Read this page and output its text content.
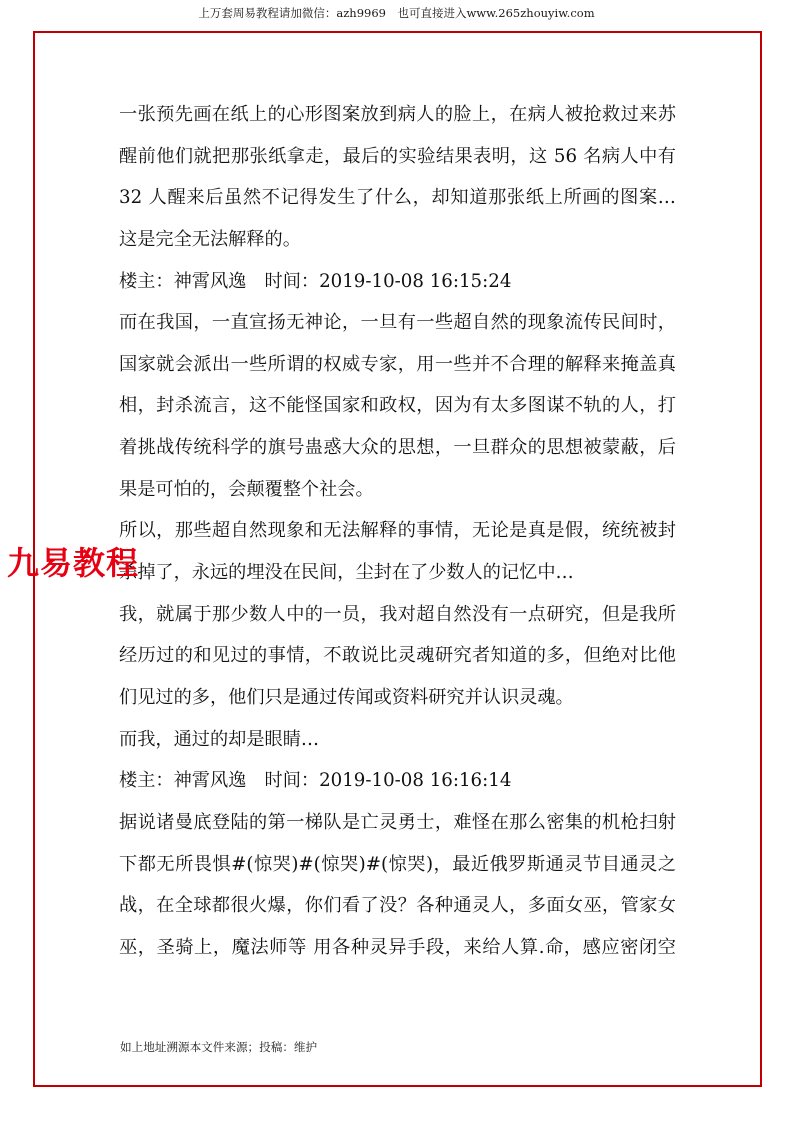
上万套周易教程请加微信：azh9969　也可直接进入www.265zhouyiw.com
一张预先画在纸上的心形图案放到病人的脸上，在病人被抢救过来苏
醒前他们就把那张纸拿走，最后的实验结果表明，这 56 名病人中有
32 人醒来后虽然不记得发生了什么，却知道那张纸上所画的图案…
这是完全无法解释的。
楼主：神霄风逸　时间：2019-10-08 16:15:24
而在我国，一直宣扬无神论，一旦有一些超自然的现象流传民间时，
国家就会派出一些所谓的权威专家，用一些并不合理的解释来掩盖真
相，封杀流言，这不能怪国家和政权，因为有太多图谋不轨的人，打
着挑战传统科学的旗号蛊惑大众的思想，一旦群众的思想被蒙蔽，后
果是可怕的，会颠覆整个社会。
所以，那些超自然现象和无法解释的事情，无论是真是假，统统被封
杀掉了，永远的埋没在民间，尘封在了少数人的记忆中…
我，就属于那少数人中的一员，我对超自然没有一点研究，但是我所
经历过的和见过的事情，不敢说比灵魂研究者知道的多，但绝对比他
们见过的多，他们只是通过传闻或资料研究并认识灵魂。
而我，通过的却是眼睛…
楼主：神霄风逸　时间：2019-10-08 16:16:14
据说诸曼底登陆的第一梯队是亡灵勇士，难怪在那么密集的机枪扫射
下都无所畏惧#(惊哭)#(惊哭)#(惊哭)，最近俄罗斯通灵节目通灵之
战，在全球都很火爆，你们看了没？各种通灵人，多面女巫，管家女
巫，圣骑上，魔法师等 用各种灵异手段，来给人算.命，感应密闭空
九易教程
如上地址溯源本文件来源；投稿：维护
